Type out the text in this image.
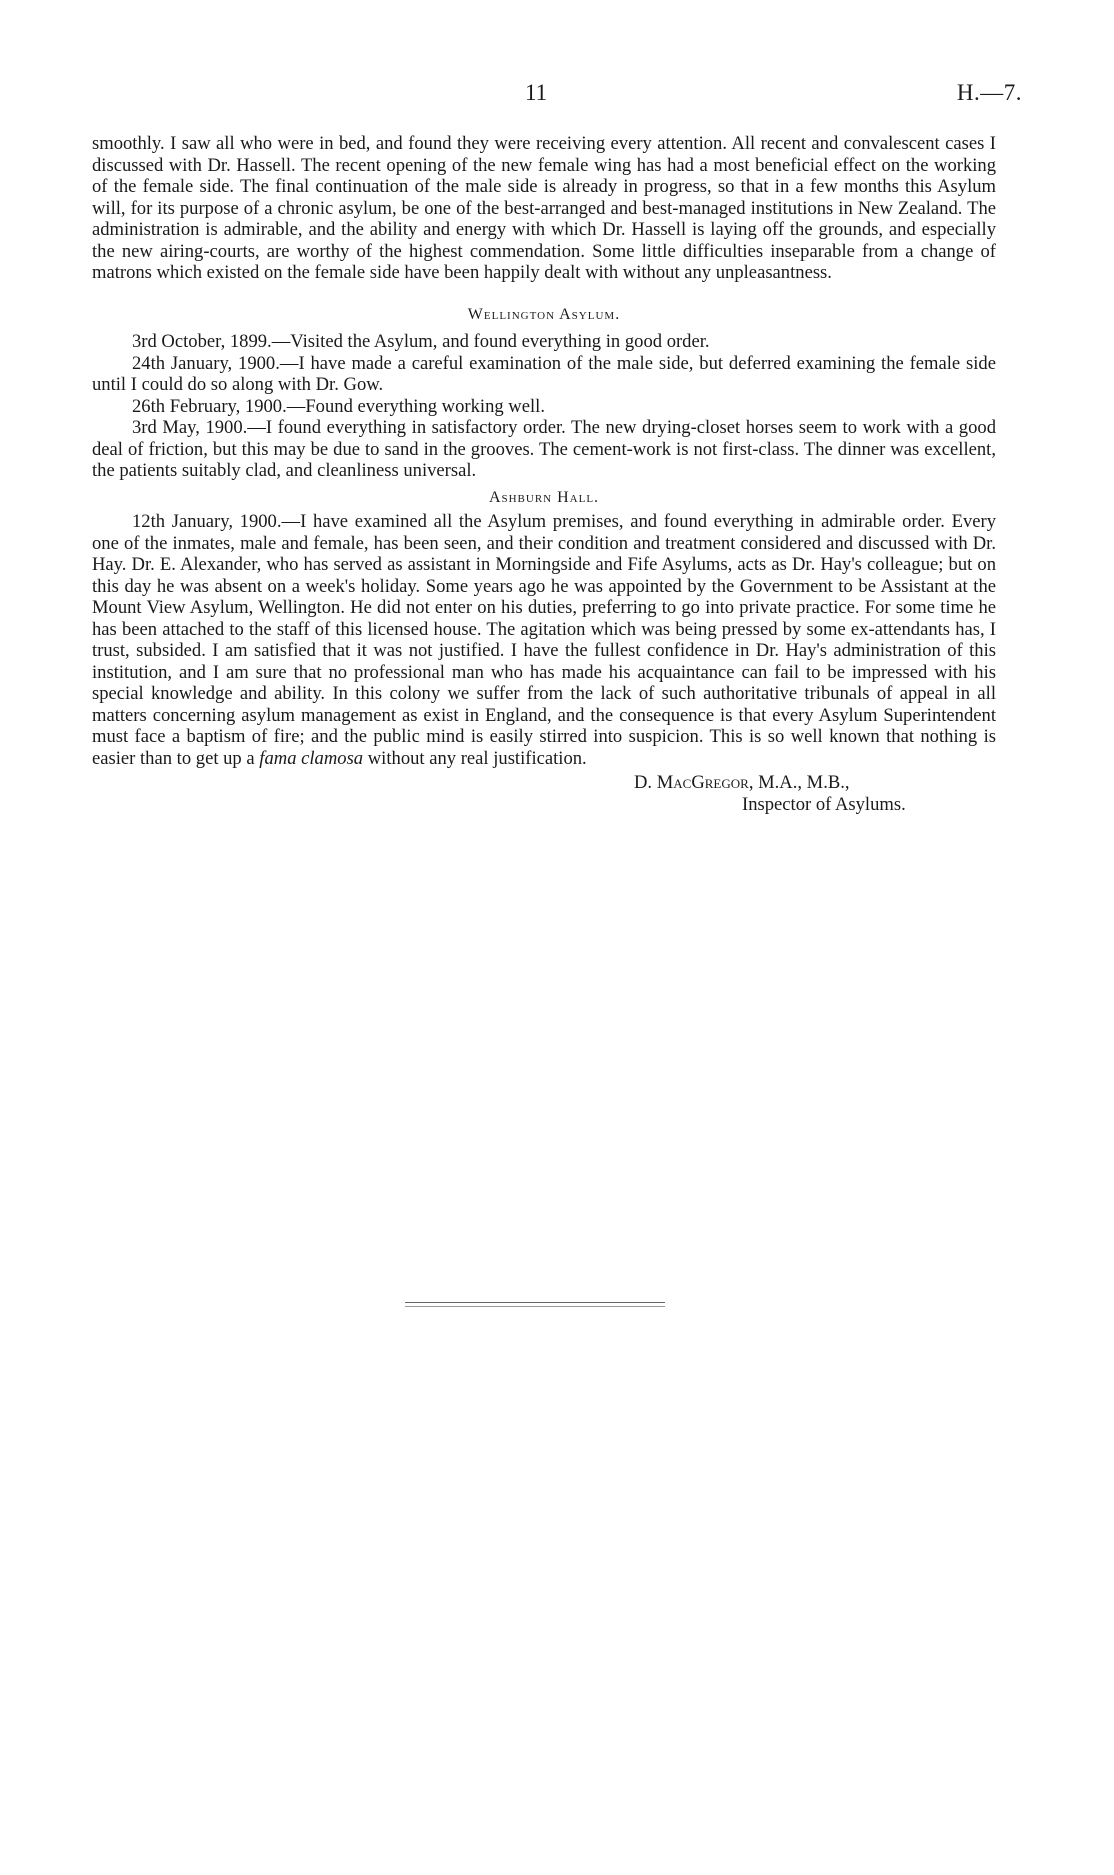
11	H.—7.

smoothly. I saw all who were in bed, and found they were receiving every attention. All recent and convalescent cases I discussed with Dr. Hassell. The recent opening of the new female wing has had a most beneficial effect on the working of the female side. The final continuation of the male side is already in progress, so that in a few months this Asylum will, for its purpose of a chronic asylum, be one of the best-arranged and best-managed institutions in New Zealand. The administration is admirable, and the ability and energy with which Dr. Hassell is laying off the grounds, and especially the new airing-courts, are worthy of the highest commendation. Some little difficulties inseparable from a change of matrons which existed on the female side have been happily dealt with without any unpleasantness.

Wellington Asylum.

3rd October, 1899.—Visited the Asylum, and found everything in good order.

24th January, 1900.—I have made a careful examination of the male side, but deferred examining the female side until I could do so along with Dr. Gow.

26th February, 1900.—Found everything working well.

3rd May, 1900.—I found everything in satisfactory order. The new drying-closet horses seem to work with a good deal of friction, but this may be due to sand in the grooves. The cement-work is not first-class. The dinner was excellent, the patients suitably clad, and cleanliness universal.

Ashburn Hall.

12th January, 1900.—I have examined all the Asylum premises, and found everything in admirable order. Every one of the inmates, male and female, has been seen, and their condition and treatment considered and discussed with Dr. Hay. Dr. E. Alexander, who has served as assistant in Morningside and Fife Asylums, acts as Dr. Hay's colleague; but on this day he was absent on a week's holiday. Some years ago he was appointed by the Government to be Assistant at the Mount View Asylum, Wellington. He did not enter on his duties, preferring to go into private practice. For some time he has been attached to the staff of this licensed house. The agitation which was being pressed by some ex-attendants has, I trust, subsided. I am satisfied that it was not justified. I have the fullest confidence in Dr. Hay's administration of this institution, and I am sure that no professional man who has made his acquaintance can fail to be impressed with his special knowledge and ability. In this colony we suffer from the lack of such authoritative tribunals of appeal in all matters concerning asylum management as exist in England, and the consequence is that every Asylum Superintendent must face a baptism of fire; and the public mind is easily stirred into suspicion. This is so well known that nothing is easier than to get up a fama clamosa without any real justification.

D. MacGregor, M.A., M.B.,
Inspector of Asylums.
